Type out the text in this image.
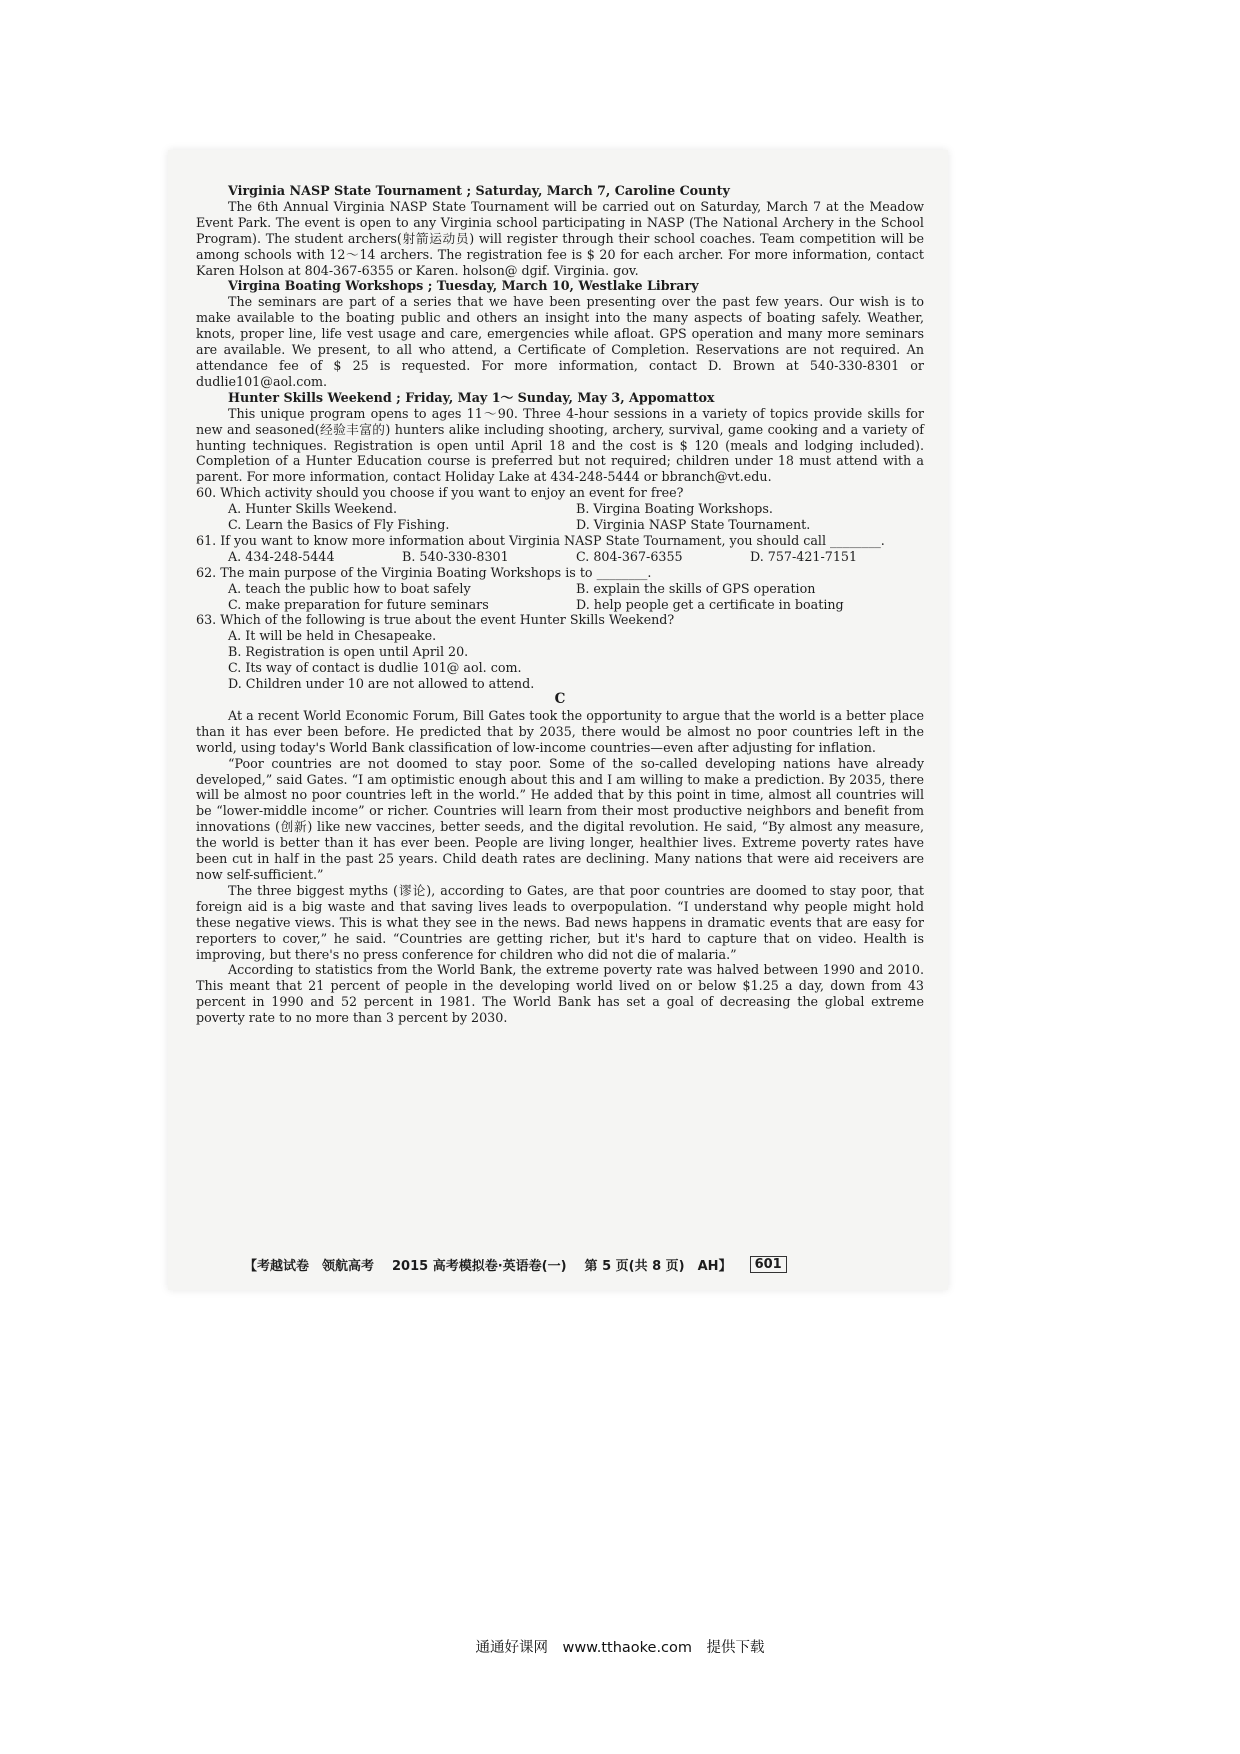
Virginia NASP State Tournament ; Saturday, March 7, Caroline County
The 6th Annual Virginia NASP State Tournament will be carried out on Saturday, March 7 at the Meadow Event Park. The event is open to any Virginia school participating in NASP (The National Archery in the School Program). The student archers(射箭运动员) will register through their school coaches. Team competition will be among schools with 12～14 archers. The registration fee is $ 20 for each archer. For more information, contact Karen Holson at 804-367-6355 or Karen. holson@ dgif. Virginia. gov.
Virgina Boating Workshops ; Tuesday, March 10, Westlake Library
The seminars are part of a series that we have been presenting over the past few years. Our wish is to make available to the boating public and others an insight into the many aspects of boating safely. Weather, knots, proper line, life vest usage and care, emergencies while afloat. GPS operation and many more seminars are available. We present, to all who attend, a Certificate of Completion. Reservations are not required. An attendance fee of $ 25 is requested. For more information, contact D. Brown at 540-330-8301 or dudlie101@aol.com.
Hunter Skills Weekend ; Friday, May 1～ Sunday, May 3, Appomattox
This unique program opens to ages 11～90. Three 4-hour sessions in a variety of topics provide skills for new and seasoned(经验丰富的) hunters alike including shooting, archery, survival, game cooking and a variety of hunting techniques. Registration is open until April 18 and the cost is $ 120 (meals and lodging included). Completion of a Hunter Education course is preferred but not required; children under 18 must attend with a parent. For more information, contact Holiday Lake at 434-248-5444 or bbranch@vt.edu.
60. Which activity should you choose if you want to enjoy an event for free?
A. Hunter Skills Weekend.	B. Virgina Boating Workshops.
C. Learn the Basics of Fly Fishing.	D. Virginia NASP State Tournament.
61. If you want to know more information about Virginia NASP State Tournament, you should call ________.
A. 434-248-5444	B. 540-330-8301	C. 804-367-6355	D. 757-421-7151
62. The main purpose of the Virginia Boating Workshops is to ________.
A. teach the public how to boat safely	B. explain the skills of GPS operation
C. make preparation for future seminars	D. help people get a certificate in boating
63. Which of the following is true about the event Hunter Skills Weekend?
A. It will be held in Chesapeake.
B. Registration is open until April 20.
C. Its way of contact is dudlie 101@ aol. com.
D. Children under 10 are not allowed to attend.
C
At a recent World Economic Forum, Bill Gates took the opportunity to argue that the world is a better place than it has ever been before. He predicted that by 2035, there would be almost no poor countries left in the world, using today's World Bank classification of low-income countries—even after adjusting for inflation.
“Poor countries are not doomed to stay poor. Some of the so-called developing nations have already developed,” said Gates. “I am optimistic enough about this and I am willing to make a prediction. By 2035, there will be almost no poor countries left in the world.” He added that by this point in time, almost all countries will be “lower-middle income” or richer. Countries will learn from their most productive neighbors and benefit from innovations (创新) like new vaccines, better seeds, and the digital revolution. He said, “By almost any measure, the world is better than it has ever been. People are living longer, healthier lives. Extreme poverty rates have been cut in half in the past 25 years. Child death rates are declining. Many nations that were aid receivers are now self-sufficient.”
The three biggest myths (谬论), according to Gates, are that poor countries are doomed to stay poor, that foreign aid is a big waste and that saving lives leads to overpopulation. “I understand why people might hold these negative views. This is what they see in the news. Bad news happens in dramatic events that are easy for reporters to cover,” he said. “Countries are getting richer, but it's hard to capture that on video. Health is improving, but there's no press conference for children who did not die of malaria.”
According to statistics from the World Bank, the extreme poverty rate was halved between 1990 and 2010. This meant that 21 percent of people in the developing world lived on or below $1.25 a day, down from 43 percent in 1990 and 52 percent in 1981. The World Bank has set a goal of decreasing the global extreme poverty rate to no more than 3 percent by 2030.
【考越试卷　领航高考 2015 高考模拟卷·英语卷(一) 第 5 页(共 8 页)　AH】	601
通通好课网　www.tthaoke.com　提供下载
